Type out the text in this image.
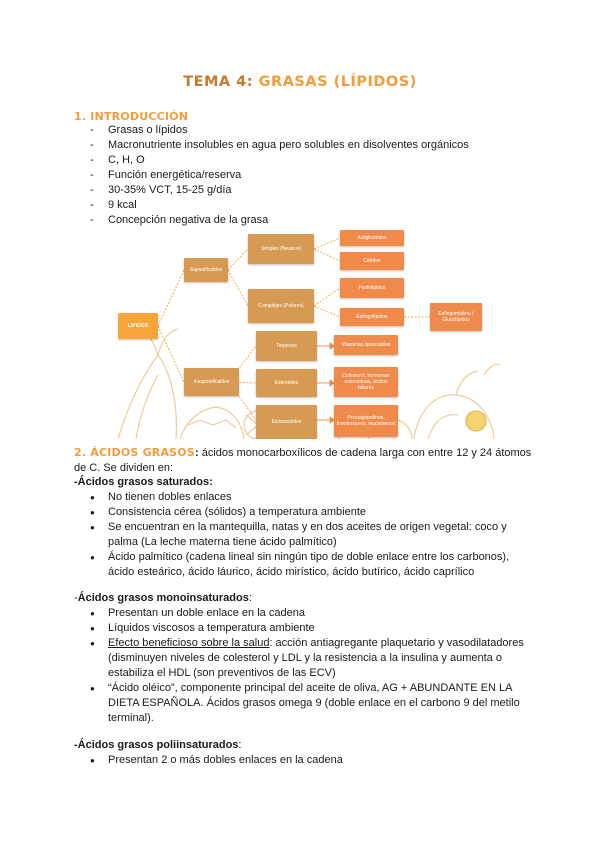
TEMA 4: GRASAS (LÍPIDOS)
1. INTRODUCCIÓN
- Grasas o lípidos
- Macronutriente insolubles en agua pero solubles en disolventes orgánicos
- C, H, O
- Función energética/reserva
- 30-35% VCT, 15-25 g/día
- 9 kcal
- Concepción negativa de la grasa
LIPIDOS
Saponificables
Simples (Neutros)
Complejos (Polares)
Acilglicéridos
Céridos
Fosfolípidos
Esfingolípidos	Esfingomielina / Glucolípidos
Insaponificables
Terpenos
Esteroides
Eicosanoides
Vitaminas liposolubles
Colesterol, hormonas esteroideas, ácidos biliares
Prostaglandinas, tromboxanos, leucotrienos
2. ÁCIDOS GRASOS: ácidos monocarboxílicos de cadena larga con entre 12 y 24 átomos de C. Se dividen en:
-Ácidos grasos saturados:
● No tienen dobles enlaces
● Consistencia cérea (sólidos) a temperatura ambiente
● Se encuentran en la mantequilla, natas y en dos aceites de origen vegetal: coco y palma (La leche materna tiene ácido palmítico)
● Ácido palmítico (cadena lineal sin ningún tipo de doble enlace entre los carbonos), ácido esteárico, ácido láurico, ácido mirístico, ácido butírico, ácido caprílico
-Ácidos grasos monoinsaturados:
● Presentan un doble enlace en la cadena
● Líquidos viscosos a temperatura ambiente
● Efecto beneficioso sobre la salud: acción antiagregante plaquetario y vasodilatadores (disminuyen niveles de colesterol y LDL y la resistencia a la insulina y aumenta o estabiliza el HDL (son preventivos de las ECV)
● “Ácido oléico”, componente principal del aceite de oliva, AG + ABUNDANTE EN LA DIETA ESPAÑOLA. Ácidos grasos omega 9 (doble enlace en el carbono 9 del metilo terminal).
-Ácidos grasos poliinsaturados:
● Presentan 2 o más dobles enlaces en la cadena
